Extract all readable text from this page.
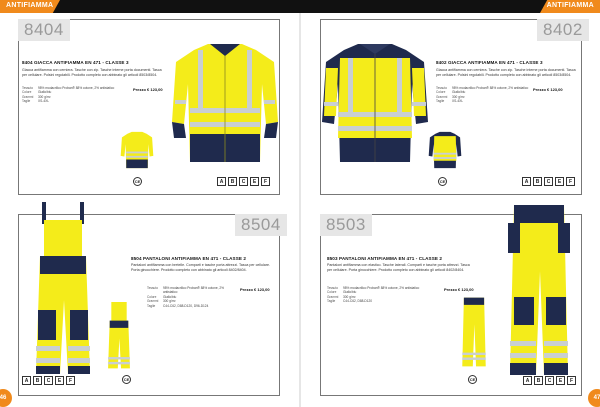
ANTIFIAMMA	ANTIFIAMMA
8404
8404 GIACCA ANTIFIAMMA EN 471 - CLASSE 3
Giacca antifiamma con cerniera. Tasche con zip. Tasche interne porta documenti. Tasca per cellulare. Polsini regolabili. Prodotto completo con abbinato gli articoli 8503/8504.
Tessuto	98% modacrilico Proban® 88% cotone, 2% antistatico
Colore	Giallo/blu
Grammi	300 g/m²
Taglie	XS-4XL
Prezzo € 123,00
CE	A	B	C	E	F
8402
8402 GIACCA ANTIFIAMMA EN 471 - CLASSE 3
Giacca antifiamma con cerniera. Tasche con zip. Tasche interne porta documenti. Tasca per cellulare. Polsini regolabili. Prodotto completo con abbinato gli articoli 8503/8504.
Tessuto	98% modacrilico Proban® 88% cotone, 2% antistatico
Colore	Giallo/blu
Grammi	300 g/m²
Taglie	XS-4XL
Prezzo € 123,00
CE	A	B	C	E	F
8504
8504 PANTALONI ANTIFIAMMA EN 471 - CLASSE 2
Pantaloni antifiamma con bretelle. Comparti e tasche porta attrezzi. Tasca per cellulare. Porta ginocchiere. Prodotto completo con abbinato gli articoli 8402/8404.
Tessuto	98% modacrilico Proban® 88% cotone, 2% antistatico
Colore	Giallo/blu
Grammi	300 g/m²
Taglie	C44-C62, D88-D120, D96-D124
Prezzo € 123,00
CE
A	B	C	E	F
8503
8503 PANTALONI ANTIFIAMMA EN 471 - CLASSE 2
Pantaloni antifiamma con elastico. Tasche laterali. Comparti e tasche porta attrezzi. Tasca per cellulare. Porta ginocchiere. Prodotto completo con abbinato gli articoli 8402/8404.
Tessuto	98% modacrilico Proban® 88% cotone, 2% antistatico
Colore	Giallo/blu
Grammi	300 g/m²
Taglie	C44-C62, D88-D120
Prezzo € 123,00
CE	A	B	C	E	F
46	47
